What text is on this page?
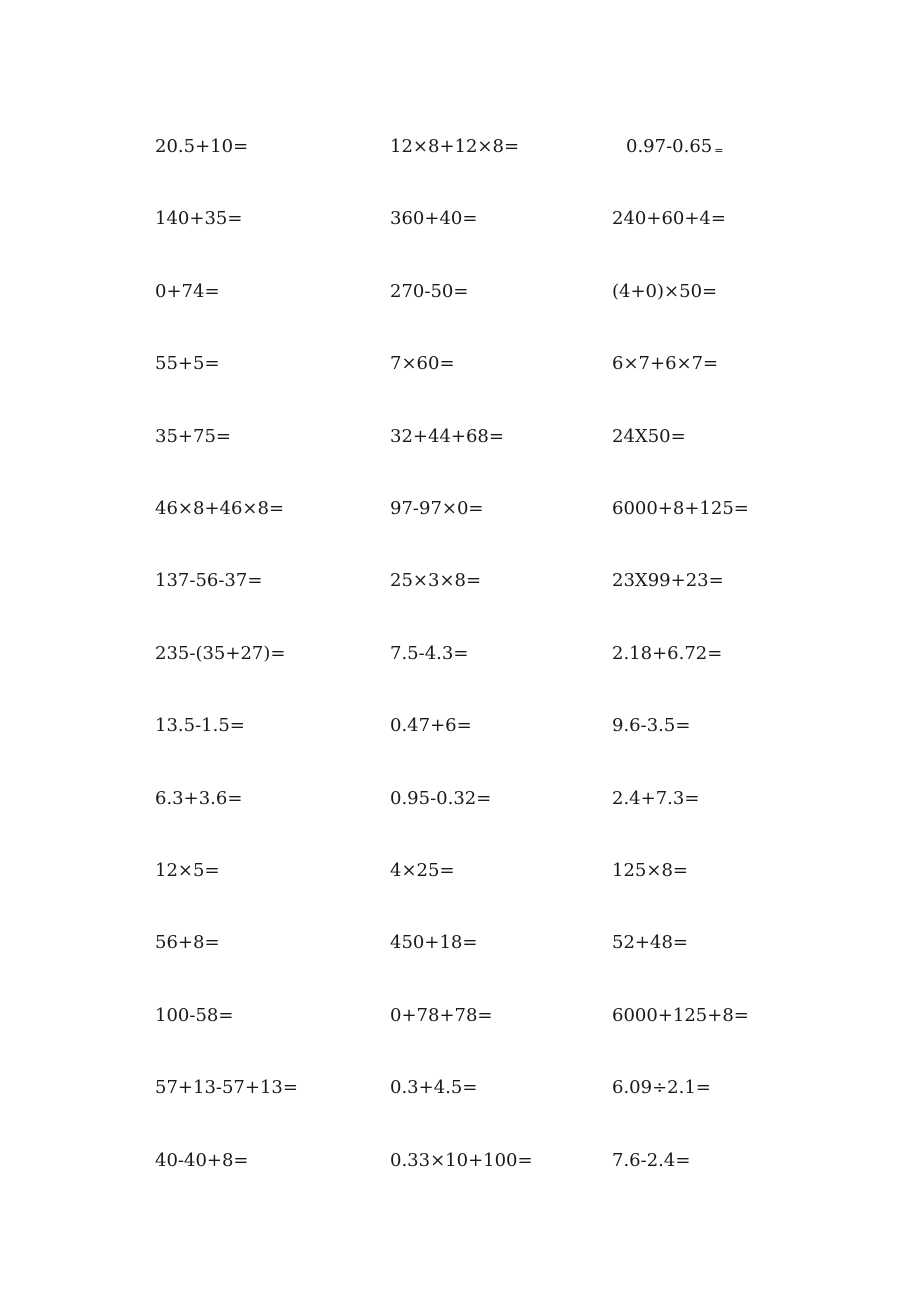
20.5+10=	12×8+12×8=	0.97-0.65 =
140+35=	360+40=	240+60+4=
0+74=	270-50=	(4+0)×50=
55+5=	7×60=	6×7+6×7=
35+75=	32+44+68=	24X50=
46×8+46×8=	97-97×0=	6000+8+125=
137-56-37=	25×3×8=	23X99+23=
235-(35+27)=	7.5-4.3=	2.18+6.72=
13.5-1.5=	0.47+6=	9.6-3.5=
6.3+3.6=	0.95-0.32=	2.4+7.3=
12×5=	4×25=	125×8=
56+8=	450+18=	52+48=
100-58=	0+78+78=	6000+125+8=
57+13-57+13=	0.3+4.5=	6.09÷2.1=
40-40+8=	0.33×10+100=	7.6-2.4=
